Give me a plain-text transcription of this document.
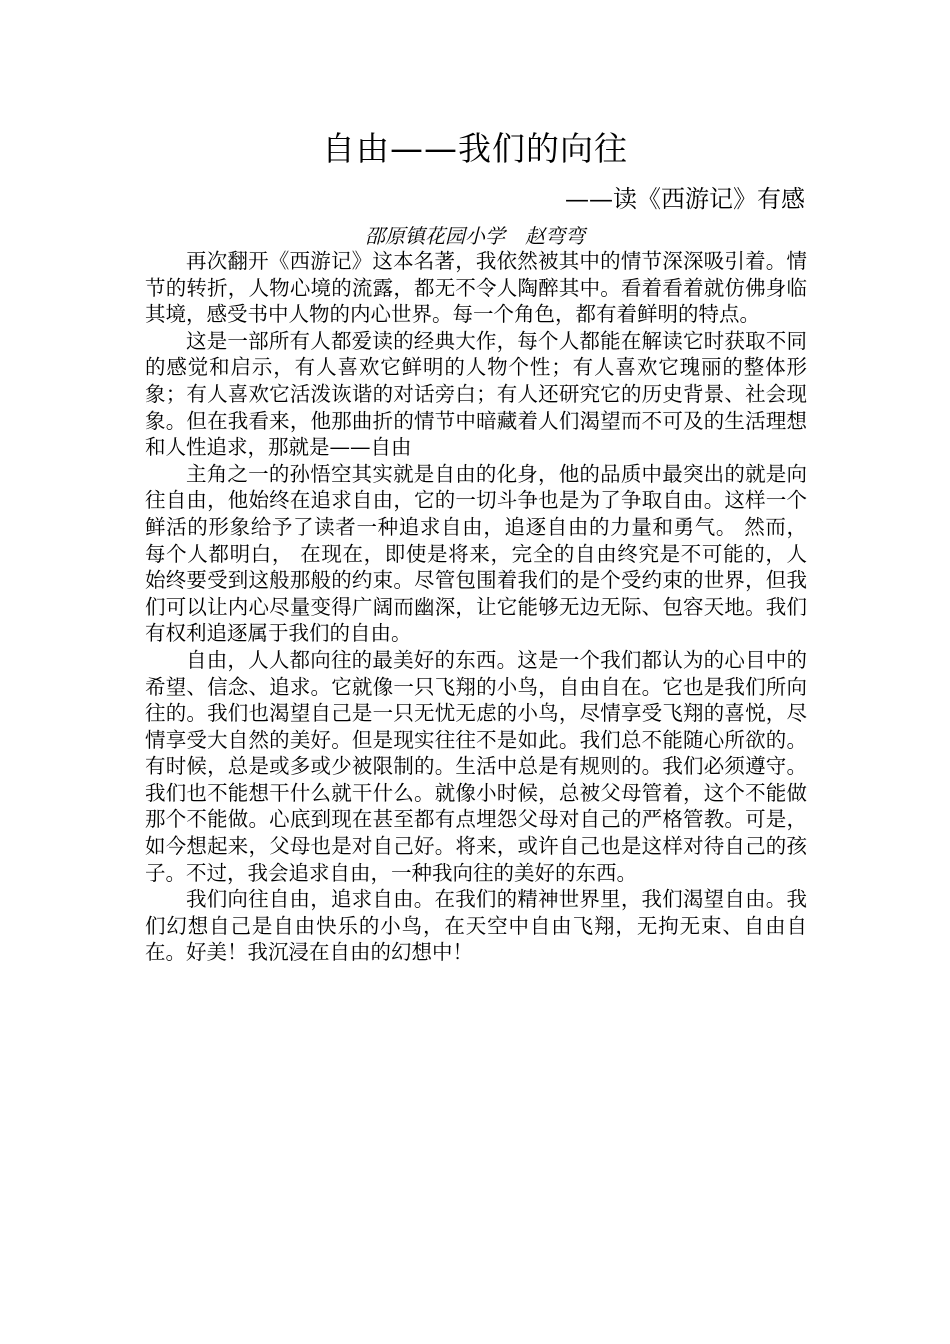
自由——我们的向往
——读《西游记》有感
邵原镇花园小学　赵弯弯

再次翻开《西游记》这本名著，我依然被其中的情节深深吸引着。情节的转折，人物心境的流露，都无不令人陶醉其中。看着看着就仿佛身临其境，感受书中人物的内心世界。每一个角色，都有着鲜明的特点。

这是一部所有人都爱读的经典大作，每个人都能在解读它时获取不同的感觉和启示，有人喜欢它鲜明的人物个性；有人喜欢它瑰丽的整体形象；有人喜欢它活泼诙谐的对话旁白；有人还研究它的历史背景、社会现象。但在我看来，他那曲折的情节中暗藏着人们渴望而不可及的生活理想和人性追求，那就是——自由

主角之一的孙悟空其实就是自由的化身，他的品质中最突出的就是向往自由，他始终在追求自由，它的一切斗争也是为了争取自由。这样一个鲜活的形象给予了读者一种追求自由，追逐自由的力量和勇气。 然而，每个人都明白， 在现在，即使是将来，完全的自由终究是不可能的，人始终要受到这般那般的约束。尽管包围着我们的是个受约束的世界，但我们可以让内心尽量变得广阔而幽深，让它能够无边无际、包容天地。我们有权利追逐属于我们的自由。

自由，人人都向往的最美好的东西。这是一个我们都认为的心目中的希望、信念、追求。它就像一只飞翔的小鸟，自由自在。它也是我们所向往的。我们也渴望自己是一只无忧无虑的小鸟，尽情享受飞翔的喜悦，尽情享受大自然的美好。但是现实往往不是如此。我们总不能随心所欲的。有时候，总是或多或少被限制的。生活中总是有规则的。我们必须遵守。我们也不能想干什么就干什么。就像小时候，总被父母管着，这个不能做那个不能做。心底到现在甚至都有点埋怨父母对自己的严格管教。可是，如今想起来，父母也是对自己好。将来，或许自己也是这样对待自己的孩子。不过，我会追求自由，一种我向往的美好的东西。

我们向往自由，追求自由。在我们的精神世界里，我们渴望自由。我们幻想自己是自由快乐的小鸟，在天空中自由飞翔，无拘无束、自由自在。好美！我沉浸在自由的幻想中！
